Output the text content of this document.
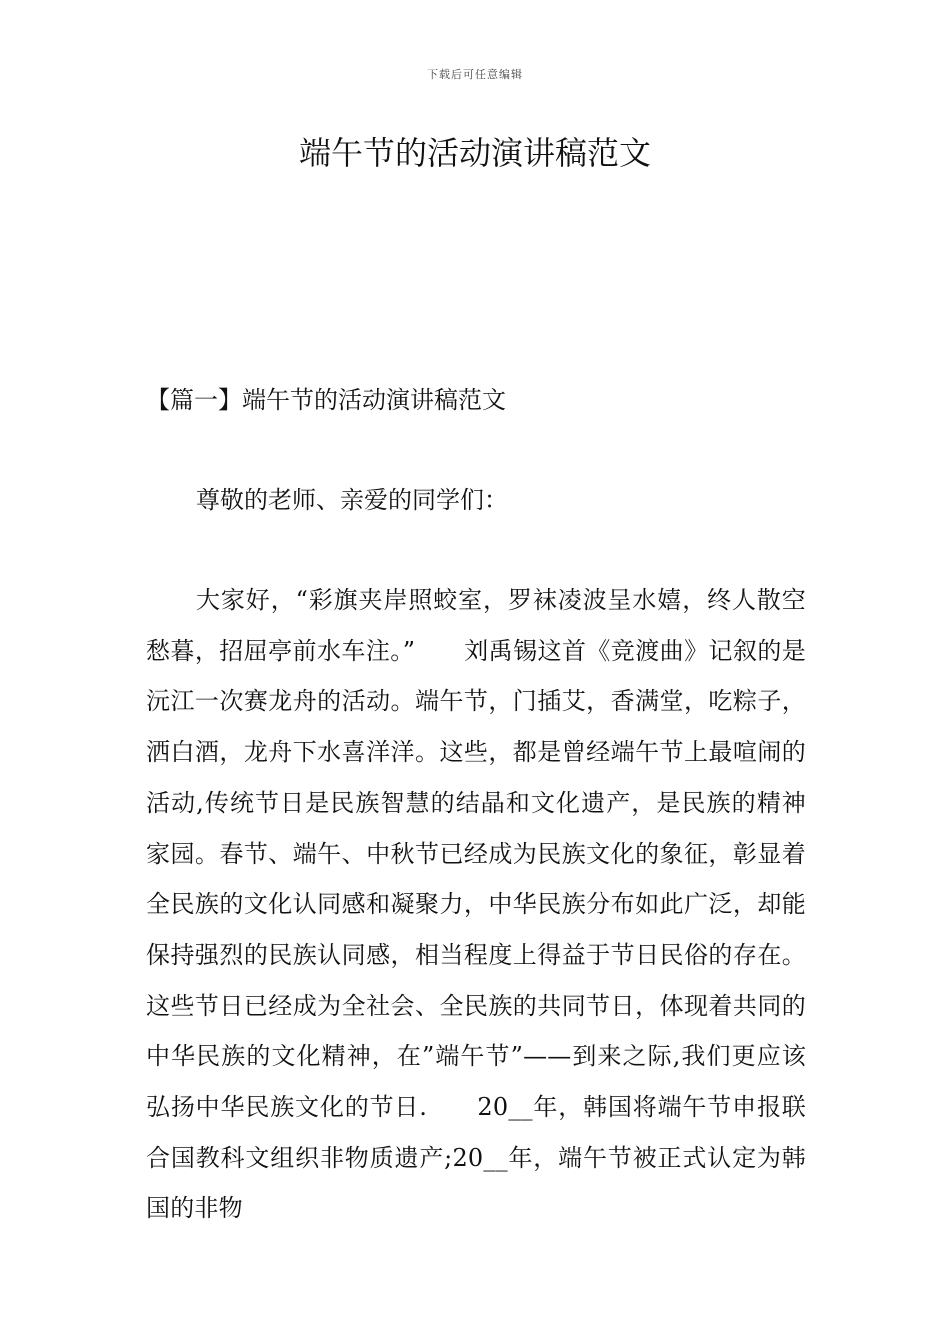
下载后可任意编辑
端午节的活动演讲稿范文

【篇一】端午节的活动演讲稿范文

尊敬的老师、亲爱的同学们：

大家好，“彩旗夹岸照蛟室，罗袜凌波呈水嬉，终人散空愁暮，招屈亭前水车注。”　　刘禹锡这首《竞渡曲》记叙的是沅江一次赛龙舟的活动。端午节，门插艾，香满堂，吃粽子，洒白酒，龙舟下水喜洋洋。这些，都是曾经端午节上最喧闹的活动,传统节日是民族智慧的结晶和文化遗产，是民族的精神家园。春节、端午、中秋节已经成为民族文化的象征，彰显着全民族的文化认同感和凝聚力，中华民族分布如此广泛，却能保持强烈的民族认同感，相当程度上得益于节日民俗的存在。这些节日已经成为全社会、全民族的共同节日，体现着共同的中华民族的文化精神，在”端午节”——到来之际,我们更应该弘扬中华民族文化的节日.　　20__年，韩国将端午节申报联合国教科文组织非物质遗产;20__年，端午节被正式认定为韩国的非物
